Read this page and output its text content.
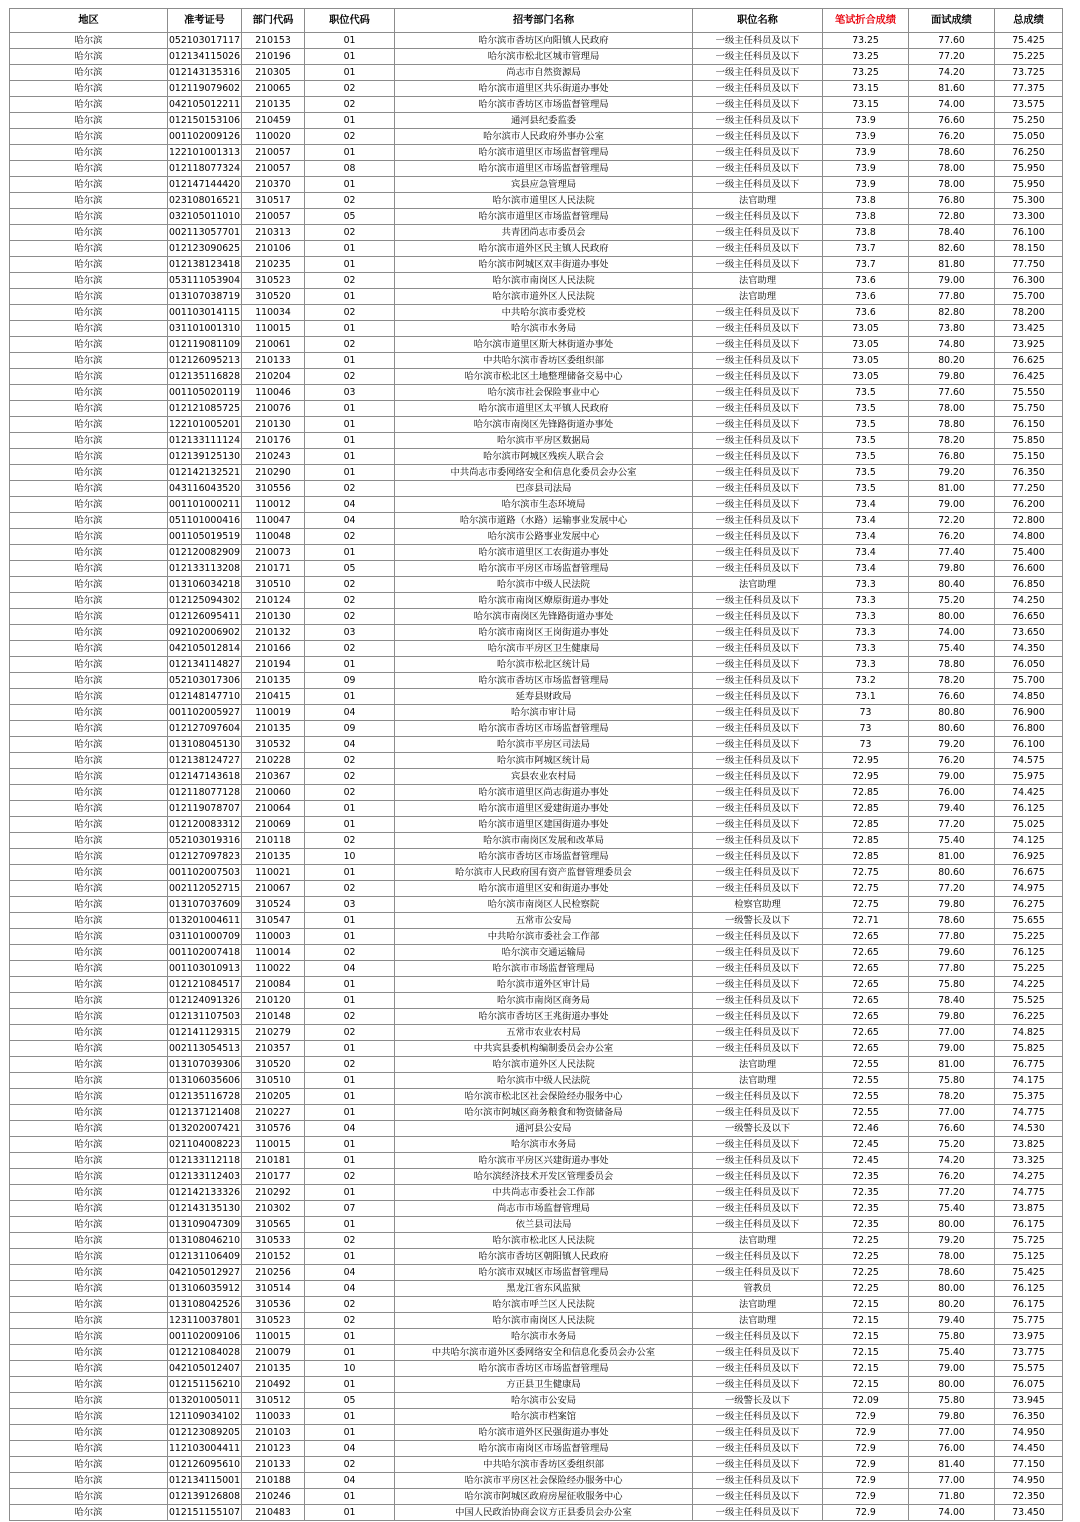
地区	准考证号	部门代码	职位代码	招考部门名称	职位名称	笔试折合成绩	面试成绩	总成绩
哈尔滨	052103017117	210153	01	哈尔滨市香坊区向阳镇人民政府	一级主任科员及以下	73.25	77.60	75.425
哈尔滨	012134115026	210196	01	哈尔滨市松北区城市管理局	一级主任科员及以下	73.25	77.20	75.225
哈尔滨	012143135316	210305	01	尚志市自然资源局	一级主任科员及以下	73.25	74.20	73.725
哈尔滨	012119079602	210065	02	哈尔滨市道里区共乐街道办事处	一级主任科员及以下	73.15	81.60	77.375
哈尔滨	042105012211	210135	02	哈尔滨市香坊区市场监督管理局	一级主任科员及以下	73.15	74.00	73.575
哈尔滨	012150153106	210459	01	通河县纪委监委	一级主任科员及以下	73.9	76.60	75.250
哈尔滨	001102009126	110020	02	哈尔滨市人民政府外事办公室	一级主任科员及以下	73.9	76.20	75.050
哈尔滨	122101001313	210057	01	哈尔滨市道里区市场监督管理局	一级主任科员及以下	73.9	78.60	76.250
哈尔滨	012118077324	210057	08	哈尔滨市道里区市场监督管理局	一级主任科员及以下	73.9	78.00	75.950
哈尔滨	012147144420	210370	01	宾县应急管理局	一级主任科员及以下	73.9	78.00	75.950
哈尔滨	023108016521	310517	02	哈尔滨市道里区人民法院	法官助理	73.8	76.80	75.300
哈尔滨	032105011010	210057	05	哈尔滨市道里区市场监督管理局	一级主任科员及以下	73.8	72.80	73.300
哈尔滨	002113057701	210313	02	共青团尚志市委员会	一级主任科员及以下	73.8	78.40	76.100
哈尔滨	012123090625	210106	01	哈尔滨市道外区民主镇人民政府	一级主任科员及以下	73.7	82.60	78.150
哈尔滨	012138123418	210235	01	哈尔滨市阿城区双丰街道办事处	一级主任科员及以下	73.7	81.80	77.750
哈尔滨	053111053904	310523	02	哈尔滨市南岗区人民法院	法官助理	73.6	79.00	76.300
哈尔滨	013107038719	310520	01	哈尔滨市道外区人民法院	法官助理	73.6	77.80	75.700
哈尔滨	001103014115	110034	02	中共哈尔滨市委党校	一级主任科员及以下	73.6	82.80	78.200
哈尔滨	031101001310	110015	01	哈尔滨市水务局	一级主任科员及以下	73.05	73.80	73.425
哈尔滨	012119081109	210061	02	哈尔滨市道里区斯大林街道办事处	一级主任科员及以下	73.05	74.80	73.925
哈尔滨	012126095213	210133	01	中共哈尔滨市香坊区委组织部	一级主任科员及以下	73.05	80.20	76.625
哈尔滨	012135116828	210204	02	哈尔滨市松北区土地整理储备交易中心	一级主任科员及以下	73.05	79.80	76.425
哈尔滨	001105020119	110046	03	哈尔滨市社会保险事业中心	一级主任科员及以下	73.5	77.60	75.550
哈尔滨	012121085725	210076	01	哈尔滨市道里区太平镇人民政府	一级主任科员及以下	73.5	78.00	75.750
哈尔滨	122101005201	210130	01	哈尔滨市南岗区先锋路街道办事处	一级主任科员及以下	73.5	78.80	76.150
哈尔滨	012133111124	210176	01	哈尔滨市平房区数据局	一级主任科员及以下	73.5	78.20	75.850
哈尔滨	012139125130	210243	01	哈尔滨市阿城区残疾人联合会	一级主任科员及以下	73.5	76.80	75.150
哈尔滨	012142132521	210290	01	中共尚志市委网络安全和信息化委员会办公室	一级主任科员及以下	73.5	79.20	76.350
哈尔滨	043116043520	310556	02	巴彦县司法局	一级主任科员及以下	73.5	81.00	77.250
哈尔滨	001101000211	110012	04	哈尔滨市生态环境局	一级主任科员及以下	73.4	79.00	76.200
哈尔滨	051101000416	110047	04	哈尔滨市道路（水路）运输事业发展中心	一级主任科员及以下	73.4	72.20	72.800
哈尔滨	001105019519	110048	02	哈尔滨市公路事业发展中心	一级主任科员及以下	73.4	76.20	74.800
哈尔滨	012120082909	210073	01	哈尔滨市道里区工农街道办事处	一级主任科员及以下	73.4	77.40	75.400
哈尔滨	012133113208	210171	05	哈尔滨市平房区市场监督管理局	一级主任科员及以下	73.4	79.80	76.600
哈尔滨	013106034218	310510	02	哈尔滨市中级人民法院	法官助理	73.3	80.40	76.850
哈尔滨	012125094302	210124	02	哈尔滨市南岗区燎原街道办事处	一级主任科员及以下	73.3	75.20	74.250
哈尔滨	012126095411	210130	02	哈尔滨市南岗区先锋路街道办事处	一级主任科员及以下	73.3	80.00	76.650
哈尔滨	092102006902	210132	03	哈尔滨市南岗区王岗街道办事处	一级主任科员及以下	73.3	74.00	73.650
哈尔滨	042105012814	210166	02	哈尔滨市平房区卫生健康局	一级主任科员及以下	73.3	75.40	74.350
哈尔滨	012134114827	210194	01	哈尔滨市松北区统计局	一级主任科员及以下	73.3	78.80	76.050
哈尔滨	052103017306	210135	09	哈尔滨市香坊区市场监督管理局	一级主任科员及以下	73.2	78.20	75.700
哈尔滨	012148147710	210415	01	延寿县财政局	一级主任科员及以下	73.1	76.60	74.850
哈尔滨	001102005927	110019	04	哈尔滨市审计局	一级主任科员及以下	73	80.80	76.900
哈尔滨	012127097604	210135	09	哈尔滨市香坊区市场监督管理局	一级主任科员及以下	73	80.60	76.800
哈尔滨	013108045130	310532	04	哈尔滨市平房区司法局	一级主任科员及以下	73	79.20	76.100
哈尔滨	012138124727	210228	02	哈尔滨市阿城区统计局	一级主任科员及以下	72.95	76.20	74.575
哈尔滨	012147143618	210367	02	宾县农业农村局	一级主任科员及以下	72.95	79.00	75.975
哈尔滨	012118077128	210060	02	哈尔滨市道里区尚志街道办事处	一级主任科员及以下	72.85	76.00	74.425
哈尔滨	012119078707	210064	01	哈尔滨市道里区爱建街道办事处	一级主任科员及以下	72.85	79.40	76.125
哈尔滨	012120083312	210069	01	哈尔滨市道里区建国街道办事处	一级主任科员及以下	72.85	77.20	75.025
哈尔滨	052103019316	210118	02	哈尔滨市南岗区发展和改革局	一级主任科员及以下	72.85	75.40	74.125
哈尔滨	012127097823	210135	10	哈尔滨市香坊区市场监督管理局	一级主任科员及以下	72.85	81.00	76.925
哈尔滨	001102007503	110021	01	哈尔滨市人民政府国有资产监督管理委员会	一级主任科员及以下	72.75	80.60	76.675
哈尔滨	002112052715	210067	02	哈尔滨市道里区安和街道办事处	一级主任科员及以下	72.75	77.20	74.975
哈尔滨	013107037609	310524	03	哈尔滨市南岗区人民检察院	检察官助理	72.75	79.80	76.275
哈尔滨	013201004611	310547	01	五常市公安局	一级警长及以下	72.71	78.60	75.655
哈尔滨	031101000709	110003	01	中共哈尔滨市委社会工作部	一级主任科员及以下	72.65	77.80	75.225
哈尔滨	001102007418	110014	02	哈尔滨市交通运输局	一级主任科员及以下	72.65	79.60	76.125
哈尔滨	001103010913	110022	04	哈尔滨市市场监督管理局	一级主任科员及以下	72.65	77.80	75.225
哈尔滨	012121084517	210084	01	哈尔滨市道外区审计局	一级主任科员及以下	72.65	75.80	74.225
哈尔滨	012124091326	210120	01	哈尔滨市南岗区商务局	一级主任科员及以下	72.65	78.40	75.525
哈尔滨	012131107503	210148	02	哈尔滨市香坊区王兆街道办事处	一级主任科员及以下	72.65	79.80	76.225
哈尔滨	012141129315	210279	02	五常市农业农村局	一级主任科员及以下	72.65	77.00	74.825
哈尔滨	002113054513	210357	01	中共宾县委机构编制委员会办公室	一级主任科员及以下	72.65	79.00	75.825
哈尔滨	013107039306	310520	02	哈尔滨市道外区人民法院	法官助理	72.55	81.00	76.775
哈尔滨	013106035606	310510	01	哈尔滨市中级人民法院	法官助理	72.55	75.80	74.175
哈尔滨	012135116728	210205	01	哈尔滨市松北区社会保险经办服务中心	一级主任科员及以下	72.55	78.20	75.375
哈尔滨	012137121408	210227	01	哈尔滨市阿城区商务粮食和物资储备局	一级主任科员及以下	72.55	77.00	74.775
哈尔滨	013202007421	310576	04	通河县公安局	一级警长及以下	72.46	76.60	74.530
哈尔滨	021104008223	110015	01	哈尔滨市水务局	一级主任科员及以下	72.45	75.20	73.825
哈尔滨	012133112118	210181	01	哈尔滨市平房区兴建街道办事处	一级主任科员及以下	72.45	74.20	73.325
哈尔滨	012133112403	210177	02	哈尔滨经济技术开发区管理委员会	一级主任科员及以下	72.35	76.20	74.275
哈尔滨	012142133326	210292	01	中共尚志市委社会工作部	一级主任科员及以下	72.35	77.20	74.775
哈尔滨	012143135130	210302	07	尚志市市场监督管理局	一级主任科员及以下	72.35	75.40	73.875
哈尔滨	013109047309	310565	01	依兰县司法局	一级主任科员及以下	72.35	80.00	76.175
哈尔滨	013108046210	310533	02	哈尔滨市松北区人民法院	法官助理	72.25	79.20	75.725
哈尔滨	012131106409	210152	01	哈尔滨市香坊区朝阳镇人民政府	一级主任科员及以下	72.25	78.00	75.125
哈尔滨	042105012927	210256	04	哈尔滨市双城区市场监督管理局	一级主任科员及以下	72.25	78.60	75.425
哈尔滨	013106035912	310514	04	黑龙江省东风监狱	管教员	72.25	80.00	76.125
哈尔滨	013108042526	310536	02	哈尔滨市呼兰区人民法院	法官助理	72.15	80.20	76.175
哈尔滨	123110037801	310523	02	哈尔滨市南岗区人民法院	法官助理	72.15	79.40	75.775
哈尔滨	001102009106	110015	01	哈尔滨市水务局	一级主任科员及以下	72.15	75.80	73.975
哈尔滨	012121084028	210079	01	中共哈尔滨市道外区委网络安全和信息化委员会办公室	一级主任科员及以下	72.15	75.40	73.775
哈尔滨	042105012407	210135	10	哈尔滨市香坊区市场监督管理局	一级主任科员及以下	72.15	79.00	75.575
哈尔滨	012151156210	210492	01	方正县卫生健康局	一级主任科员及以下	72.15	80.00	76.075
哈尔滨	013201005011	310512	05	哈尔滨市公安局	一级警长及以下	72.09	75.80	73.945
哈尔滨	121109034102	110033	01	哈尔滨市档案馆	一级主任科员及以下	72.9	79.80	76.350
哈尔滨	012123089205	210103	01	哈尔滨市道外区民强街道办事处	一级主任科员及以下	72.9	77.00	74.950
哈尔滨	112103004411	210123	04	哈尔滨市南岗区市场监督管理局	一级主任科员及以下	72.9	76.00	74.450
哈尔滨	012126095610	210133	02	中共哈尔滨市香坊区委组织部	一级主任科员及以下	72.9	81.40	77.150
哈尔滨	012134115001	210188	04	哈尔滨市平房区社会保险经办服务中心	一级主任科员及以下	72.9	77.00	74.950
哈尔滨	012139126808	210246	01	哈尔滨市阿城区政府房屋征收服务中心	一级主任科员及以下	72.9	71.80	72.350
哈尔滨	012151155107	210483	01	中国人民政治协商会议方正县委员会办公室	一级主任科员及以下	72.9	74.00	73.450
